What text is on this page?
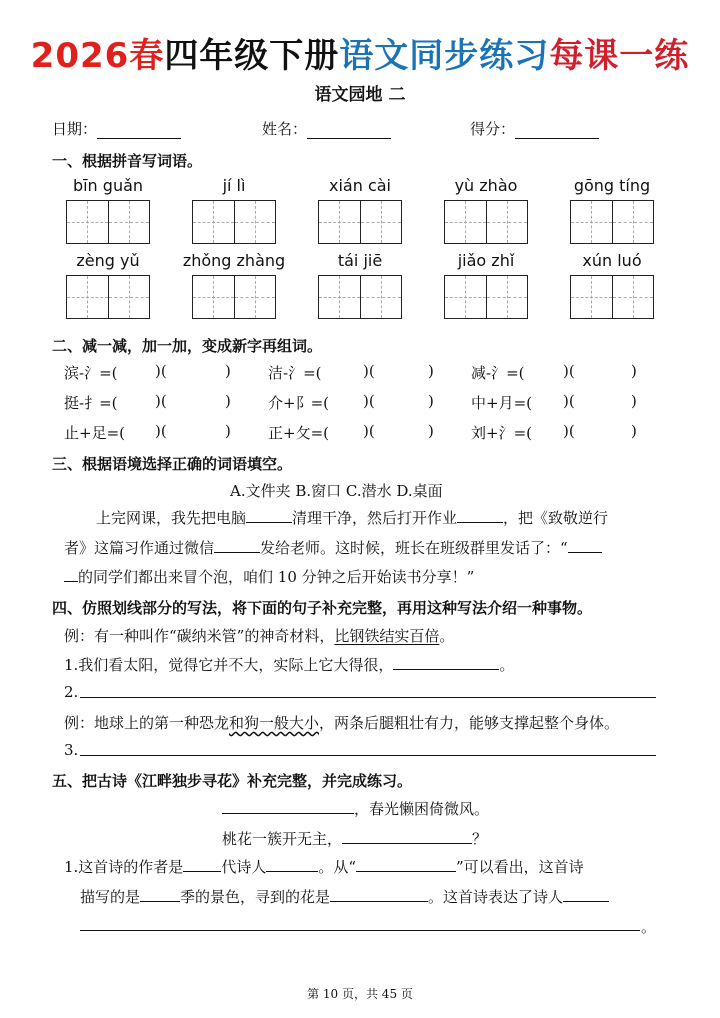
2026春四年级下册语文同步练习每课一练
语文园地 二
日期：	姓名：	得分：
一、根据拼音写词语。
bīn guǎn	jí lì	xián cài	yù zhào	gōng tíng
zèng yǔ	zhǒng zhàng	tái jiē	jiǎo zhǐ	xún luó
二、减一减，加一加，变成新字再组词。
滨-氵=(	)(	) 洁-氵=(	)(	) 减-氵=(	)(	)
挺-扌=(	)(	) 介+阝=( )(	) 中+月=( )(	)
止+足=( )(	) 正+攵=( )(	) 刘+氵=( )(	)
三、根据语境选择正确的词语填空。
A.文件夹 B.窗口 C.潜水 D.桌面
上完网课，我先把电脑	清理干净，然后打开作业	，把《致敬逆行
者》这篇习作通过微信	发给老师。这时候，班长在班级群里发话了：“
的同学们都出来冒个泡，咱们 10 分钟之后开始读书分享！”
四、仿照划线部分的写法，将下面的句子补充完整，再用这种写法介绍一种事物。
例：有一种叫作“碳纳米管”的神奇材料，比钢铁结实百倍。
1.我们看太阳，觉得它并不大，实际上它大得很，	。
2.
例：地球上的第一种恐龙和狗一般大小，两条后腿粗壮有力，能够支撑起整个身体。
3.
五、把古诗《江畔独步寻花》补充完整，并完成练习。
，春光懒困倚微风。
桃花一簇开无主，	？
1.这首诗的作者是	代诗人	。从“	”可以看出，这首诗
描写的是	季的景色，寻到的花是	。这首诗表达了诗人
。
第 10 页，共 45 页
